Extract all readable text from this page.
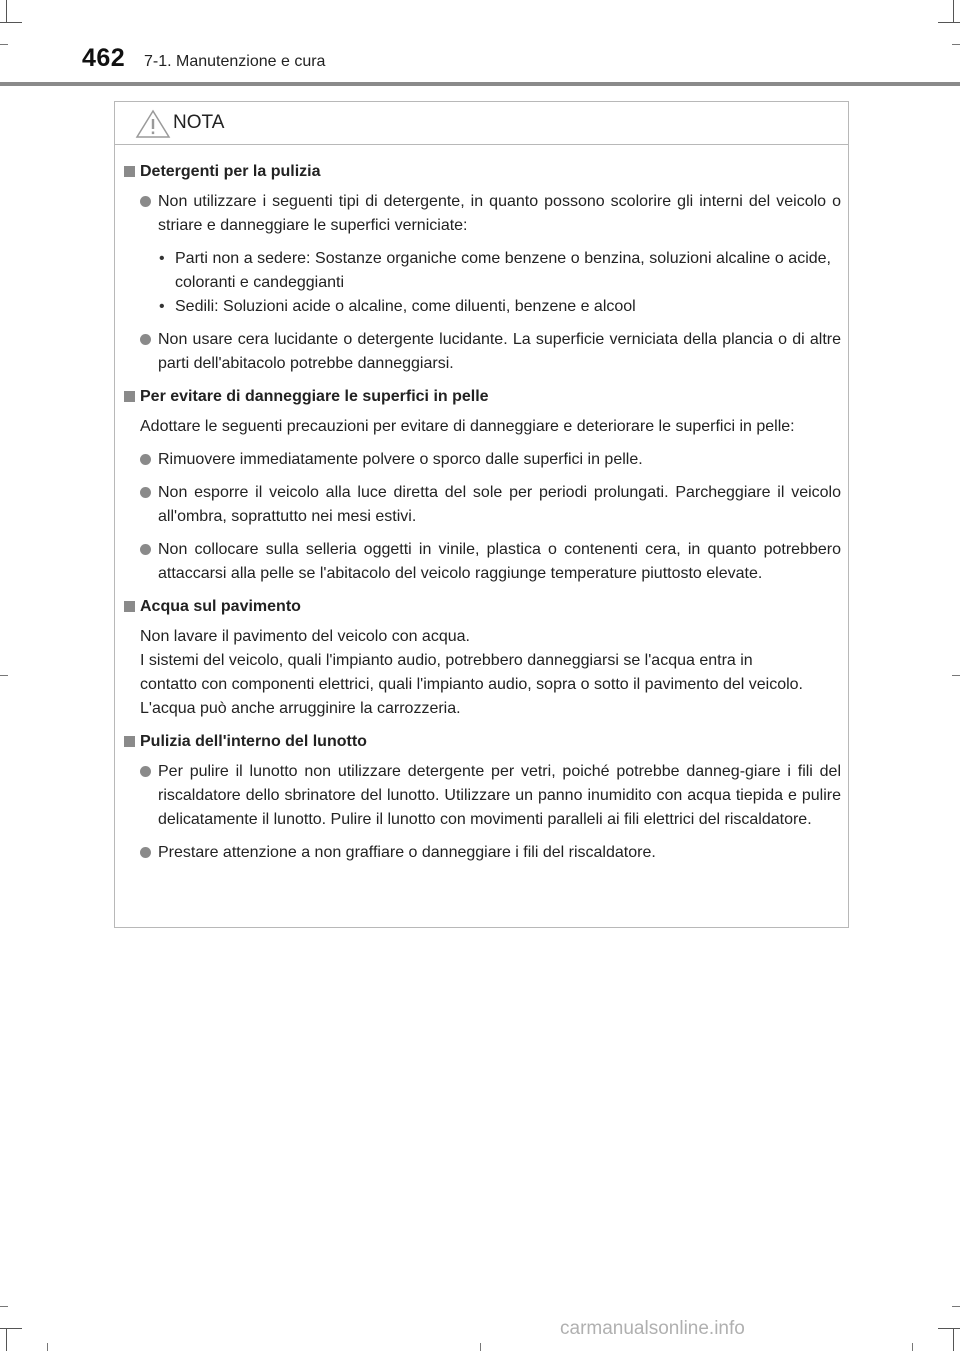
462 7-1. Manutenzione e cura
NOTA
Detergenti per la pulizia
Non utilizzare i seguenti tipi di detergente, in quanto possono scolorire gli interni del veicolo o striare e danneggiare le superfici verniciate:
• Parti non a sedere: Sostanze organiche come benzene o benzina, soluzioni alcaline o acide, coloranti e candeggianti
• Sedili: Soluzioni acide o alcaline, come diluenti, benzene e alcool
Non usare cera lucidante o detergente lucidante. La superficie verniciata della plancia o di altre parti dell'abitacolo potrebbe danneggiarsi.
Per evitare di danneggiare le superfici in pelle
Adottare le seguenti precauzioni per evitare di danneggiare e deteriorare le superfici in pelle:
Rimuovere immediatamente polvere o sporco dalle superfici in pelle.
Non esporre il veicolo alla luce diretta del sole per periodi prolungati. Parcheggiare il veicolo all'ombra, soprattutto nei mesi estivi.
Non collocare sulla selleria oggetti in vinile, plastica o contenenti cera, in quanto potrebbero attaccarsi alla pelle se l'abitacolo del veicolo raggiunge temperature piuttosto elevate.
Acqua sul pavimento
Non lavare il pavimento del veicolo con acqua.
I sistemi del veicolo, quali l'impianto audio, potrebbero danneggiarsi se l'acqua entra in contatto con componenti elettrici, quali l'impianto audio, sopra o sotto il pavimento del veicolo. L'acqua può anche arrugginire la carrozzeria.
Pulizia dell'interno del lunotto
Per pulire il lunotto non utilizzare detergente per vetri, poiché potrebbe danneg-giare i fili del riscaldatore dello sbrinatore del lunotto. Utilizzare un panno inumidito con acqua tiepida e pulire delicatamente il lunotto. Pulire il lunotto con movimenti paralleli ai fili elettrici del riscaldatore.
Prestare attenzione a non graffiare o danneggiare i fili del riscaldatore.
carmanualsonline.info
